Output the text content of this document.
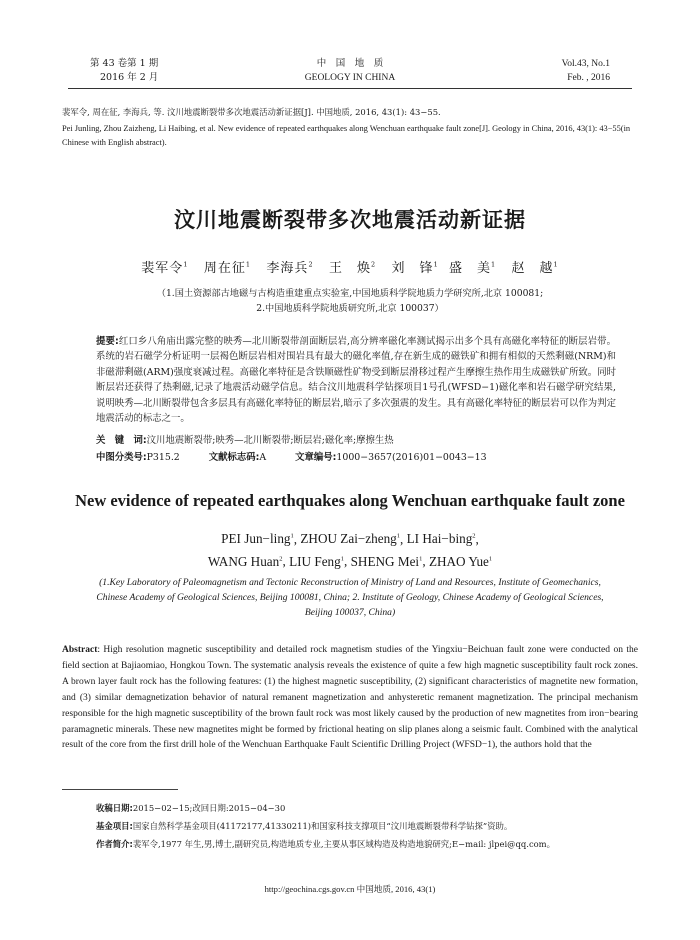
第 43 卷第 1 期
2016 年 2 月
中　国　地　质
GEOLOGY IN CHINA
Vol.43, No.1
Feb. , 2016
裴军令, 周在征, 李海兵, 等. 汶川地震断裂带多次地震活动新证据[J]. 中国地质, 2016, 43(1): 43−55.
Pei Junling, Zhou Zaizheng, Li Haibing, et al. New evidence of repeated earthquakes along Wenchuan earthquake fault zone[J]. Geology in China, 2016, 43(1): 43−55(in Chinese with English abstract).
汶川地震断裂带多次地震活动新证据
裴军令$^1$ 周在征$^1$ 李海兵$^2$ 王　焕$^2$ 刘　锋$^1$ 盛　美$^1$ 赵　越$^1$
（1.国土资源部古地磁与古构造重建重点实验室,中国地质科学院地质力学研究所,北京 100081;
2.中国地质科学院地质研究所,北京 100037）
提要:红口乡八角庙出露完整的映秀—北川断裂带剖面断层岩,高分辨率磁化率测试揭示出多个具有高磁化率特征的断层岩带。系统的岩石磁学分析证明一层褐色断层岩相对围岩具有最大的磁化率值,存在新生成的磁铁矿和拥有相似的天然剩磁(NRM)和非磁滞剩磁(ARM)强度衰减过程。高磁化率特征是含铁顺磁性矿物受到断层滑移过程产生摩擦生热作用生成磁铁矿所致。同时断层岩还获得了热剩磁,记录了地震活动磁学信息。结合汶川地震科学钻探项目1号孔(WFSD−1)磁化率和岩石磁学研究结果,说明映秀—北川断裂带包含多层具有高磁化率特征的断层岩,暗示了多次强震的发生。具有高磁化率特征的断层岩可以作为判定地震活动的标志之一。
关　键　词:汶川地震断裂带;映秀—北川断裂带;断层岩;磁化率;摩擦生热
中图分类号:P315.2	文献标志码:A	文章编号:1000−3657(2016)01−0043−13
New evidence of repeated earthquakes along Wenchuan earthquake fault zone
PEI Jun−ling$^1$, ZHOU Zai−zheng$^1$, LI Hai−bing$^2$,
WANG Huan$^2$, LIU Feng$^1$, SHENG Mei$^1$, ZHAO Yue$^1$
(1.Key Laboratory of Paleomagnetism and Tectonic Reconstruction of Ministry of Land and Resources, Institute of Geomechanics,
Chinese Academy of Geological Sciences, Beijing 100081, China; 2. Institute of Geology, Chinese Academy of Geological Sciences,
Beijing 100037, China)
Abstract: High resolution magnetic susceptibility and detailed rock magnetism studies of the Yingxiu−Beichuan fault zone were conducted on the field section at Bajiaomiao, Hongkou Town. The systematic analysis reveals the existence of quite a few high magnetic susceptibility fault rock zones. A brown layer fault rock has the following features: (1) the highest magnetic susceptibility, (2) significant characteristics of magnetite new formation, and (3) similar demagnetization behavior of natural remanent magnetization and anhysteretic remanent magnetization. The principal mechanism responsible for the high magnetic susceptibility of the brown fault rock was most likely caused by the production of new magnetites from iron−bearing paramagnetic minerals. These new magnetites might be formed by frictional heating on slip planes along a seismic fault. Combined with the analytical result of the core from the first drill hole of the Wenchuan Earthquake Fault Scientific Drilling Project (WFSD−1), the authors hold that the
收稿日期:2015−02−15;改回日期:2015−04−30
基金项目:国家自然科学基金项目(41172177,41330211)和国家科技支撑项目“汶川地震断裂带科学钻探”资助。
作者简介:裴军令,1977 年生,男,博士,副研究员,构造地质专业,主要从事区域构造及构造地貌研究;E−mail: jlpei@qq.com。
http://geochina.cgs.gov.cn 中国地质, 2016, 43(1)
